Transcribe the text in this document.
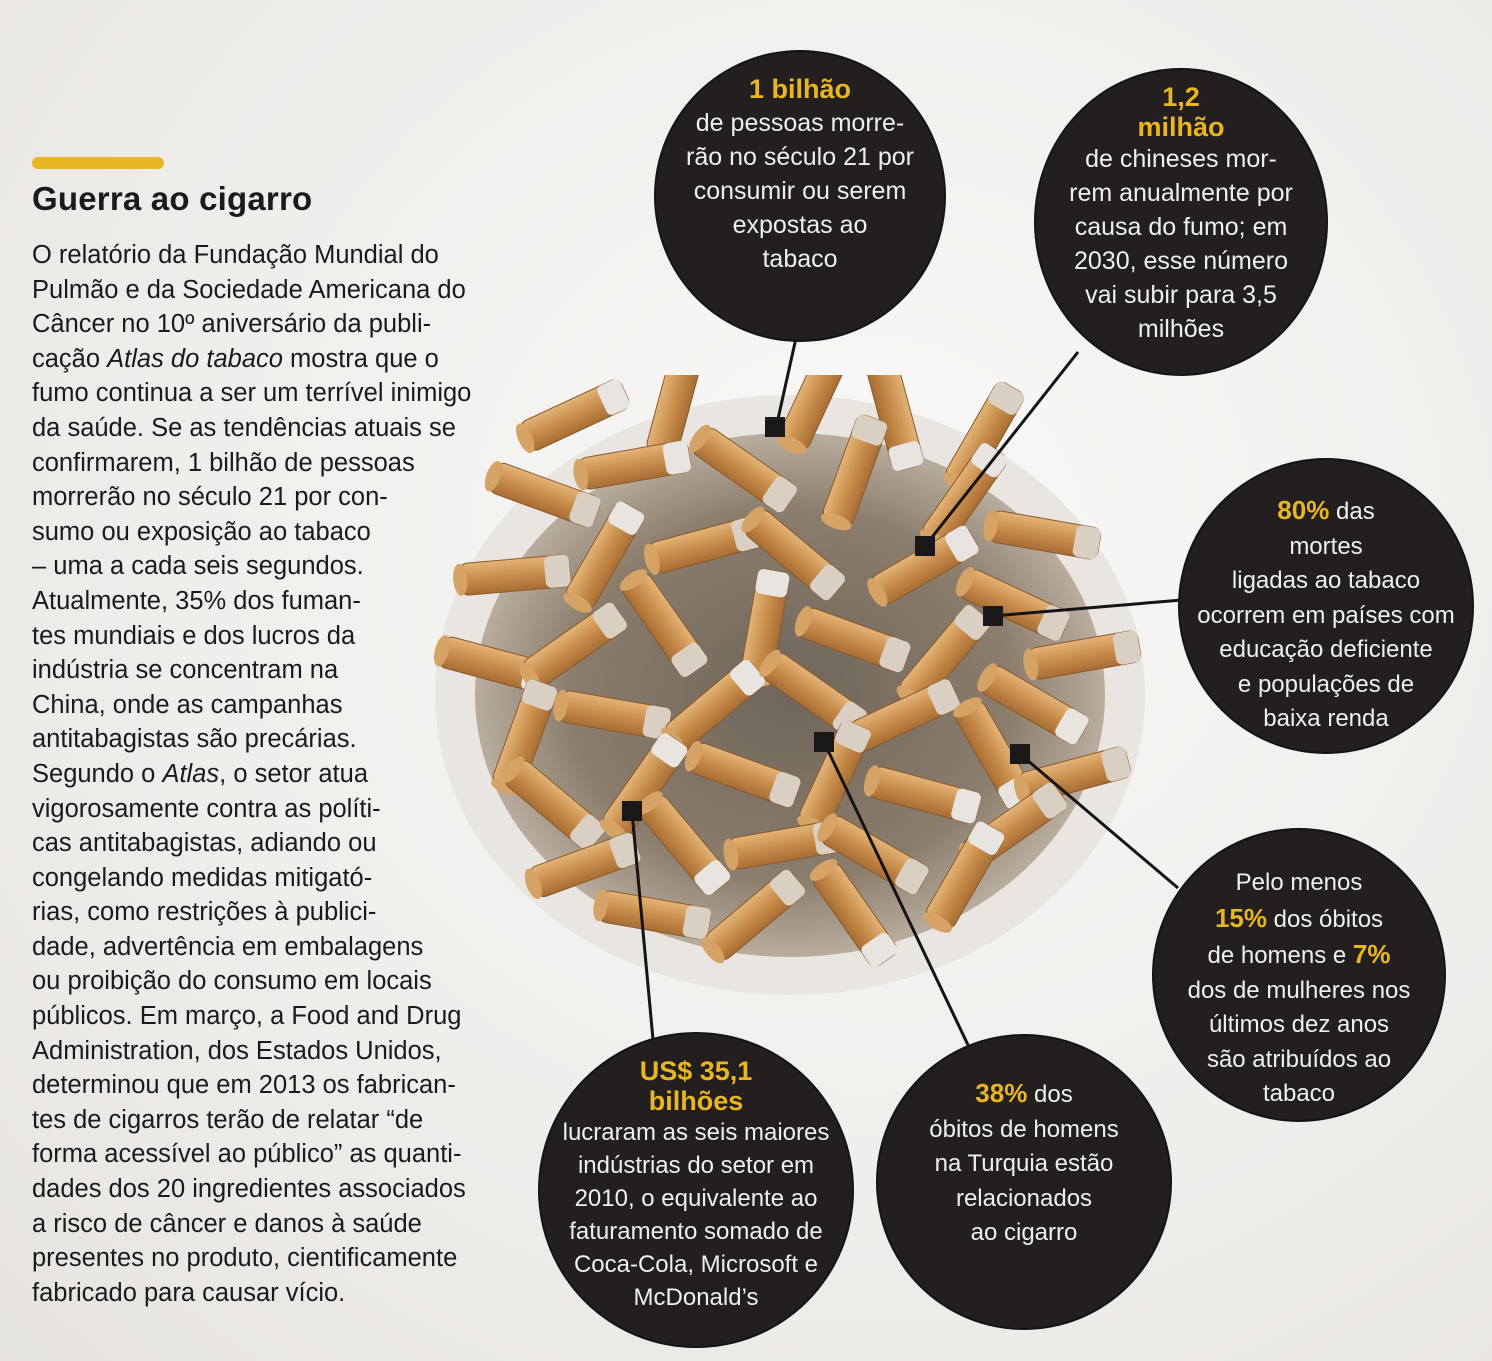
Guerra ao cigarro
O relatório da Fundação Mundial do
Pulmão e da Sociedade Americana do
Câncer no 10º aniversário da publi-
cação Atlas do tabaco mostra que o
fumo continua a ser um terrível inimigo
da saúde. Se as tendências atuais se
confirmarem, 1 bilhão de pessoas
morrerão no século 21 por con-
sumo ou exposição ao tabaco
– uma a cada seis segundos.
Atualmente, 35% dos fuman-
tes mundiais e dos lucros da
indústria se concentram na
China, onde as campanhas
antitabagistas são precárias.
Segundo o Atlas, o setor atua
vigorosamente contra as políti-
cas antitabagistas, adiando ou
congelando medidas mitigató-
rias, como restrições à publici-
dade, advertência em embalagens
ou proibição do consumo em locais
públicos. Em março, a Food and Drug
Administration, dos Estados Unidos,
determinou que em 2013 os fabrican-
tes de cigarros terão de relatar “de
forma acessível ao público” as quanti-
dades dos 20 ingredientes associados
a risco de câncer e danos à saúde
presentes no produto, cientificamente
fabricado para causar vício.
1 bilhão
de pessoas morre-
rão no século 21 por
consumir ou serem
expostas ao
tabaco
1,2
milhão
de chineses mor-
rem anualmente por
causa do fumo; em
2030, esse número
vai subir para 3,5
milhões
80% das
mortes
ligadas ao tabaco
ocorrem em países com
educação deficiente
e populações de
baixa renda
Pelo menos
15% dos óbitos
de homens e 7%
dos de mulheres nos
últimos dez anos
são atribuídos ao
tabaco
38% dos
óbitos de homens
na Turquia estão
relacionados
ao cigarro
US$ 35,1
bilhões
lucraram as seis maiores
indústrias do setor em
2010, o equivalente ao
faturamento somado de
Coca-Cola, Microsoft e
McDonald’s
